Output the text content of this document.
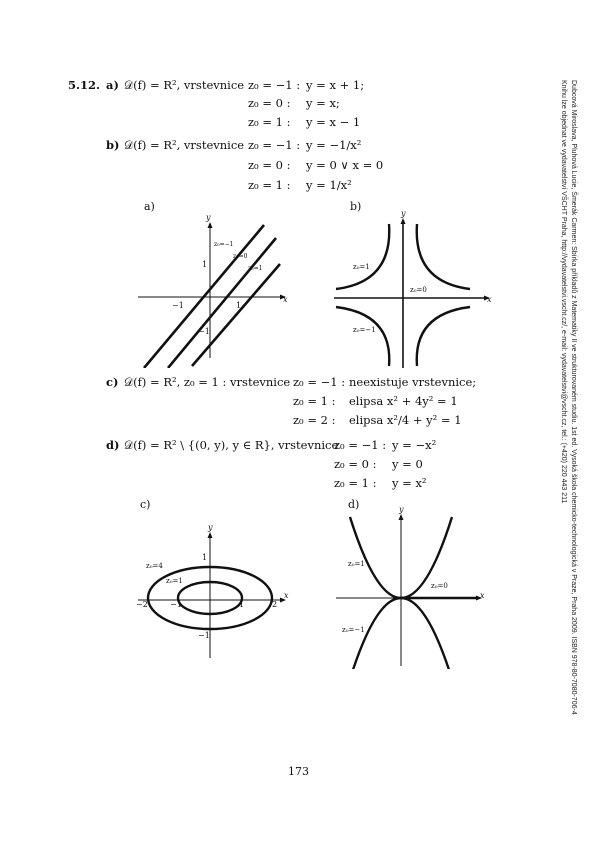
5.12. a) 𝒟(f) = R², vrstevnice z₀ = −1 : y = x + 1;
z₀ = 0 : y = x;
z₀ = 1 : y = x − 1
b) 𝒟(f) = R², vrstevnice z₀ = −1 : y = −1/x²
z₀ = 0 : y = 0 ∨ x = 0
z₀ = 1 : y = 1/x²
a)
x
y
z₀=−1
z₀=0
z₀=1
1
−1	1
−1
b)
x
y
z₀=1
z₀=0
z₀=−1
c) 𝒟(f) = R², z₀ = 1 : vrstevnice z₀ = −1 : neexistuje vrstevnice;
z₀ = 1 : elipsa x² + 4y² = 1
z₀ = 2 : elipsa x²/4 + y² = 1
d) 𝒟(f) = R² \ {(0, y), y ∈ R}, vrstevnice
z₀ = −1 : y = −x²
z₀ = 0 : y = 0
z₀ = 1 : y = x²
c)
x
y
z₀=4
z₀=1
1
−2	−1	1	2
−1
d)
x
y
z₀=1
z₀=0
z₀=−1
173
Dubcová Miroslava, Pluhová Lucie, Šmerák Carmen: Sbírka příkladů z Matematiky II ve strukturovaném studiu. 1st ed. Vysoká škola chemicko-technologická v Praze, Praha 2009. ISBN 978-80-7080-706-4
Knihu lze objednat ve vydavatelství VŠCHT Praha, http://vydavatelstvi.vscht.cz/, e-mail: vydavatelstvi@vscht.cz, tel.: (+420) 220 443 211
